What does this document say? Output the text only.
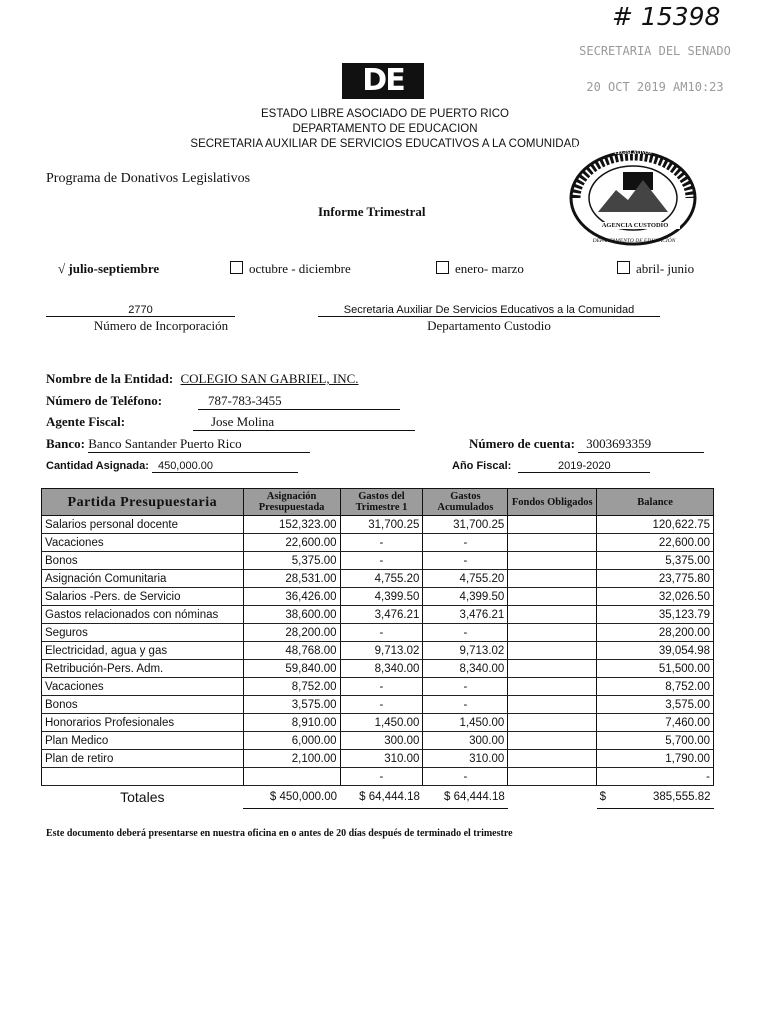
# 15398
SECRETARIA DEL SENADO
20 OCT 2019 AM10:23
DE
ESTADO LIBRE ASOCIADO DE PUERTO RICO
DEPARTAMENTO DE EDUCACION
SECRETARIA AUXILIAR DE SERVICIOS EDUCATIVOS A LA COMUNIDAD
AGENCIA CUSTODIO
DEPARTAMENTO DE EDUCACIÓN
COMISIÓN ESPECIAL CONJUNTA SOBRE DONATIVOS LEGISLATIVOS
Programa de Donativos Legislativos
Informe Trimestral
√ julio-septiembre	octubre - diciembre	enero- marzo	abril- junio
2770
Número de Incorporación
Secretaria Auxiliar De Servicios Educativos a la Comunidad
Departamento Custodio
Nombre de la Entidad: COLEGIO SAN GABRIEL, INC.
Número de Teléfono:	787-783-3455
Agente Fiscal:	Jose Molina
Banco: Banco Santander Puerto Rico	Número de cuenta: 3003693359
Cantidad Asignada: 450,000.00	Año Fiscal:	2019-2020
Partida Presupuestaria	Asignación Presupuestada	Gastos del Trimestre 1	Gastos Acumulados	Fondos Obligados	Balance
Salarios personal docente	152,323.00	31,700.25	31,700.25		120,622.75
Vacaciones	22,600.00	-	-		22,600.00
Bonos	5,375.00	-	-		5,375.00
Asignación Comunitaria	28,531.00	4,755.20	4,755.20		23,775.80
Salarios -Pers. de Servicio	36,426.00	4,399.50	4,399.50		32,026.50
Gastos relacionados con nóminas	38,600.00	3,476.21	3,476.21		35,123.79
Seguros	28,200.00	-	-		28,200.00
Electricidad, agua y gas	48,768.00	9,713.02	9,713.02		39,054.98
Retribución-Pers. Adm.	59,840.00	8,340.00	8,340.00		51,500.00
Vacaciones	8,752.00	-	-		8,752.00
Bonos	3,575.00	-	-		3,575.00
Honorarios Profesionales	8,910.00	1,450.00	1,450.00		7,460.00
Plan Medico	6,000.00	300.00	300.00		5,700.00
Plan de retiro	2,100.00	310.00	310.00		1,790.00
		-	-		-
Totales	$ 450,000.00	$ 64,444.18	$ 64,444.18		$ 385,555.82
Este documento deberá presentarse en nuestra oficina en o antes de 20 días después de terminado el trimestre
